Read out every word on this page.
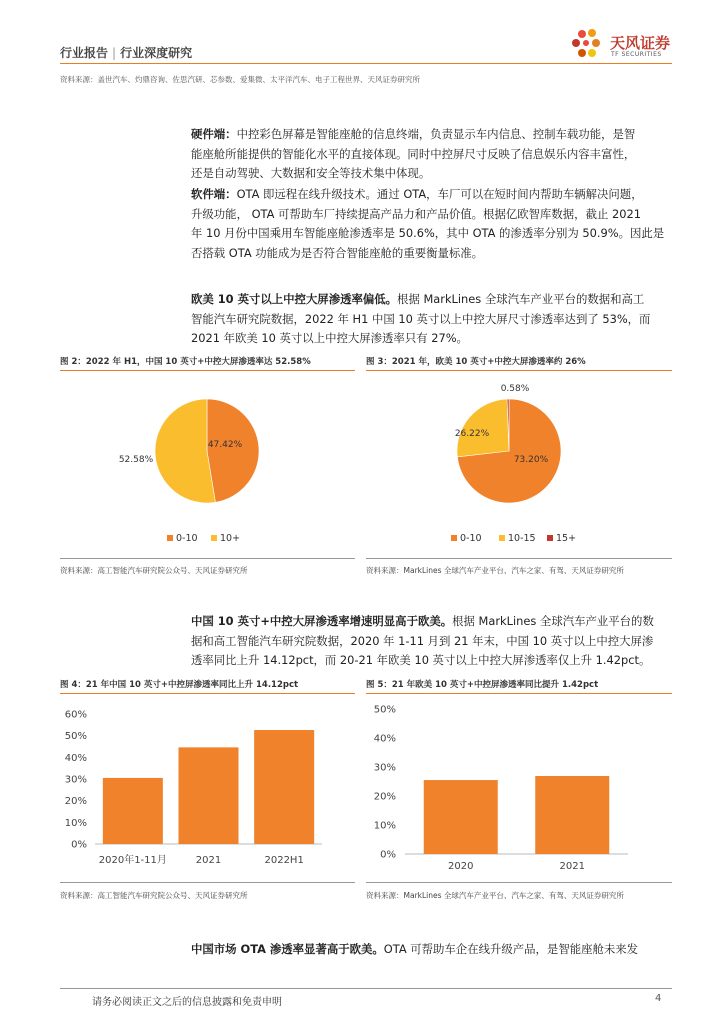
行业报告 | 行业深度研究
天风证券
TF SECURITIES
资料来源：盖世汽车、灼鼎咨询、佐思汽研、芯参数、爱集微、太平洋汽车、电子工程世界、天风证券研究所
硬件端：中控彩色屏幕是智能座舱的信息终端，负责显示车内信息、控制车载功能，是智
能座舱所能提供的智能化水平的直接体现。同时中控屏尺寸反映了信息娱乐内容丰富性，
还是自动驾驶、大数据和安全等技术集中体现。
软件端：OTA 即远程在线升级技术。通过 OTA，车厂可以在短时间内帮助车辆解决问题，
升级功能， OTA 可帮助车厂持续提高产品力和产品价值。根据亿欧智库数据，截止 2021
年 10 月份中国乘用车智能座舱渗透率是 50.6%，其中 OTA 的渗透率分别为 50.9%。因此是
否搭载 OTA 功能成为是否符合智能座舱的重要衡量标准。
欧美 10 英寸以上中控大屏渗透率偏低。根据 MarkLines 全球汽车产业平台的数据和高工
智能汽车研究院数据，2022 年 H1 中国 10 英寸以上中控大屏尺寸渗透率达到了 53%，而
2021 年欧美 10 英寸以上中控大屏渗透率只有 27%。
图 2：2022 年 H1，中国 10 英寸+中控大屏渗透率达 52.58%
47.42%
52.58%
0-10 10+
资料来源：高工智能汽车研究院公众号、天风证券研究所
图 3：2021 年，欧美 10 英寸+中控大屏渗透率约 26%
73.20%
26.22%
0.58%
0-10	10-15 15+
资料来源：MarkLines 全球汽车产业平台、汽车之家、有驾、天风证券研究所
中国 10 英寸+中控大屏渗透率增速明显高于欧美。根据 MarkLines 全球汽车产业平台的数
据和高工智能汽车研究院数据，2020 年 1-11 月到 21 年末，中国 10 英寸以上中控大屏渗
透率同比上升 14.12pct，而 20-21 年欧美 10 英寸以上中控大屏渗透率仅上升 1.42pct。
图 4：21 年中国 10 英寸+中控屏渗透率同比上升 14.12pct
0%
10%
20%
30%
40%
50%
60%
2020年1-11月	2021	2022H1
资料来源：高工智能汽车研究院公众号、天风证券研究所
图 5：21 年欧美 10 英寸+中控屏渗透率同比提升 1.42pct
0%
10%
20%
30%
40%
50%
2020	2021
资料来源：MarkLines 全球汽车产业平台、汽车之家、有驾、天风证券研究所
中国市场 OTA 渗透率显著高于欧美。OTA 可帮助车企在线升级产品，是智能座舱未来发
请务必阅读正文之后的信息披露和免责申明	4
